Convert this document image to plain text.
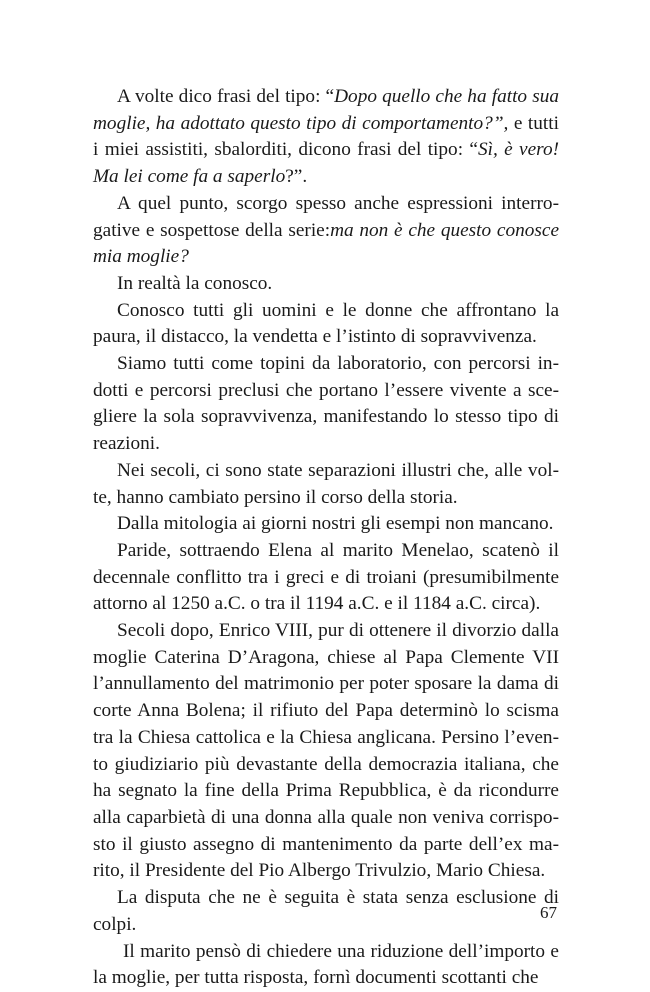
A volte dico frasi del tipo: “Dopo quello che ha fatto sua moglie, ha adottato questo tipo di comportamento?”, e tutti i miei assistiti, sbalorditi, dicono frasi del tipo: “Sì, è vero! Ma lei come fa a saperlo?”.

A quel punto, scorgo spesso anche espressioni interrogative e sospettose della serie:ma non è che questo conosce mia moglie?

In realtà la conosco.

Conosco tutti gli uomini e le donne che affrontano la paura, il distacco, la vendetta e l’istinto di sopravvivenza.

Siamo tutti come topini da laboratorio, con percorsi indotti e percorsi preclusi che portano l’essere vivente a scegliere la sola sopravvivenza, manifestando lo stesso tipo di reazioni.

Nei secoli, ci sono state separazioni illustri che, alle volte, hanno cambiato persino il corso della storia.

Dalla mitologia ai giorni nostri gli esempi non mancano.

Paride, sottraendo Elena al marito Menelao, scatenò il decennale conflitto tra i greci e di troiani (presumibilmente attorno al 1250 a.C. o tra il 1194 a.C. e il 1184 a.C. circa).

Secoli dopo, Enrico VIII, pur di ottenere il divorzio dalla moglie Caterina D’Aragona, chiese al Papa Clemente VII l’annullamento del matrimonio per poter sposare la dama di corte Anna Bolena; il rifiuto del Papa determinò lo scisma tra la Chiesa cattolica e la Chiesa anglicana. Persino l’evento giudiziario più devastante della democrazia italiana, che ha segnato la fine della Prima Repubblica, è da ricondurre alla caparbietà di una donna alla quale non veniva corrisposto il giusto assegno di mantenimento da parte dell’ex marito, il Presidente del Pio Albergo Trivulzio, Mario Chiesa.

La disputa che ne è seguita è stata senza esclusione di colpi.

Il marito pensò di chiedere una riduzione dell’importo e la moglie, per tutta risposta, fornì documenti scottanti che

67
